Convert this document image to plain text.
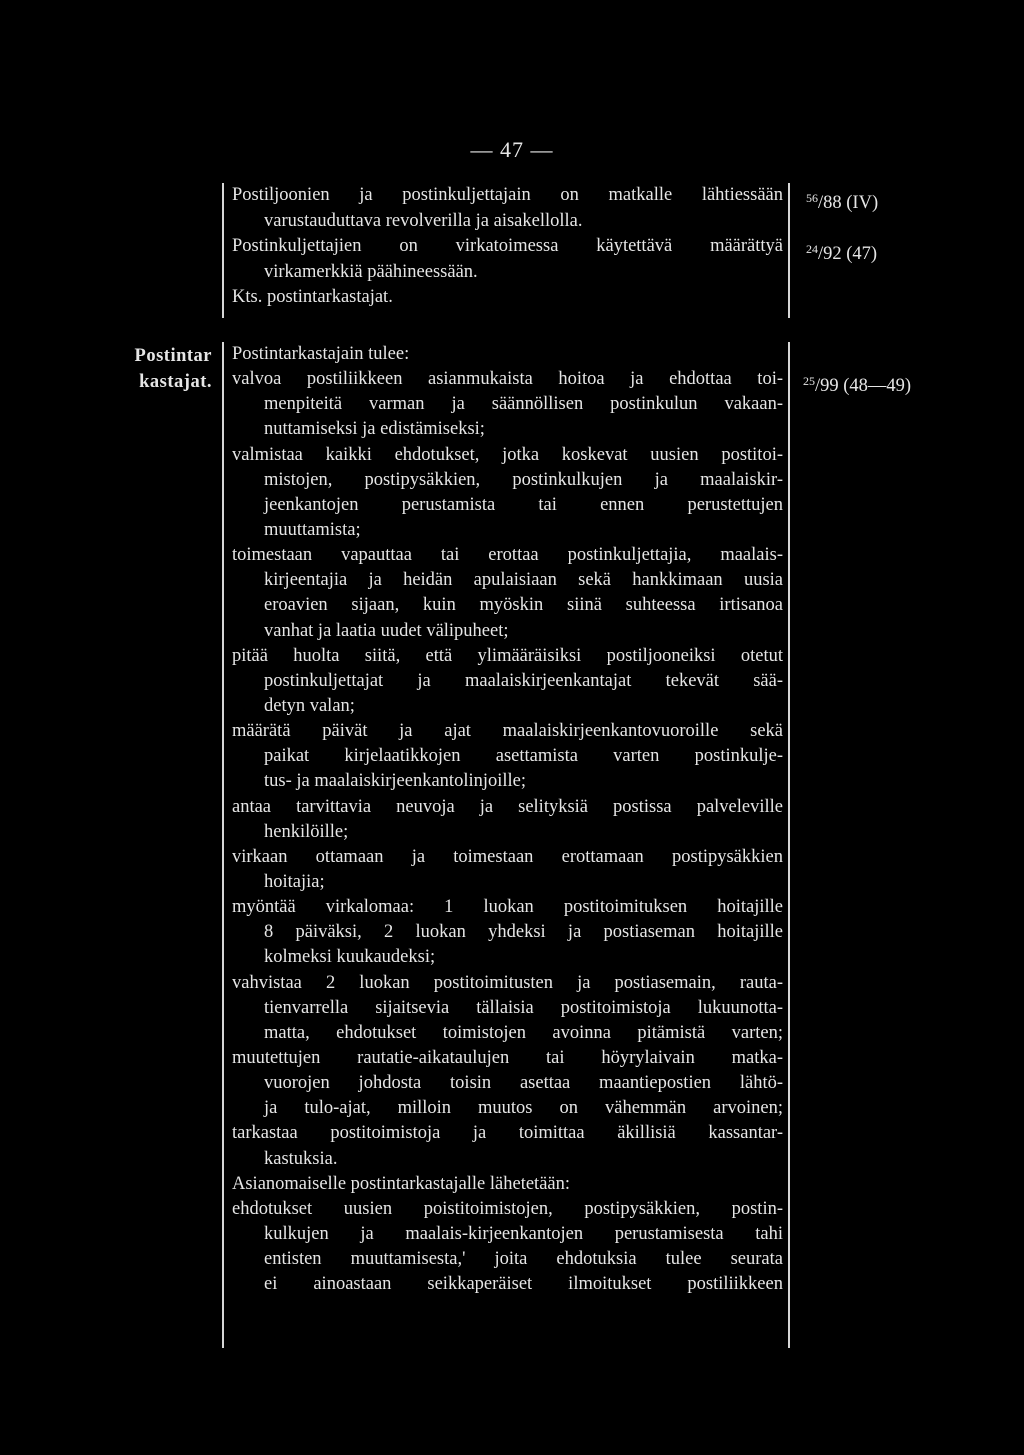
— 47 —
Postiljoonien ja postinkuljettajain on matkalle lähtiessään
varustauduttava revolverilla ja aisakellolla.
Postinkuljettajien on virkatoimessa käytettävä määrättyä
virkamerkkiä päähineessään.
Kts. postintarkastajat.
$^{56}$/88 (IV)
$^{24}$/92 (47)
$^{25}$/99 (48—49)
Postintar
kastajat.
Postintarkastajain tulee:
valvoa postiliikkeen asianmukaista hoitoa ja ehdottaa toi-
menpiteitä varman ja säännöllisen postinkulun vakaan-
nuttamiseksi ja edistämiseksi;
valmistaa kaikki ehdotukset, jotka koskevat uusien postitoi-
mistojen, postipysäkkien, postinkulkujen ja maalaiskir-
jeenkantojen perustamista tai ennen perustettujen
muuttamista;
toimestaan vapauttaa tai erottaa postinkuljettajia, maalais-
kirjeentajia ja heidän apulaisiaan sekä hankkimaan uusia
eroavien sijaan, kuin myöskin siinä suhteessa irtisanoa
vanhat ja laatia uudet välipuheet;
pitää huolta siitä, että ylimääräisiksi postiljooneiksi otetut
postinkuljettajat ja maalaiskirjeenkantajat tekevät sää-
detyn valan;
määrätä päivät ja ajat maalaiskirjeenkantovuoroille sekä
paikat kirjelaatikkojen asettamista varten postinkulje-
tus- ja maalaiskirjeenkantolinjoille;
antaa tarvittavia neuvoja ja selityksiä postissa palveleville
henkilöille;
virkaan ottamaan ja toimestaan erottamaan postipysäkkien
hoitajia;
myöntää virkalomaa: 1 luokan postitoimituksen hoitajille
8 päiväksi, 2 luokan yhdeksi ja postiaseman hoitajille
kolmeksi kuukaudeksi;
vahvistaa 2 luokan postitoimitusten ja postiasemain, rauta-
tienvarrella sijaitsevia tällaisia postitoimistoja lukuunotta-
matta, ehdotukset toimistojen avoinna pitämistä varten;
muutettujen rautatie-aikataulujen tai höyrylaivain matka-
vuorojen johdosta toisin asettaa maantiepostien lähtö-
ja tulo-ajat, milloin muutos on vähemmän arvoinen;
tarkastaa postitoimistoja ja toimittaa äkillisiä kassantar-
kastuksia.
Asianomaiselle postintarkastajalle lähetetään:
ehdotukset uusien poistitoimistojen, postipysäkkien, postin-
kulkujen ja maalais-kirjeenkantojen perustamisesta tahi
entisten muuttamisesta,' joita ehdotuksia tulee seurata
ei ainoastaan seikkaperäiset ilmoitukset postiliikkeen
